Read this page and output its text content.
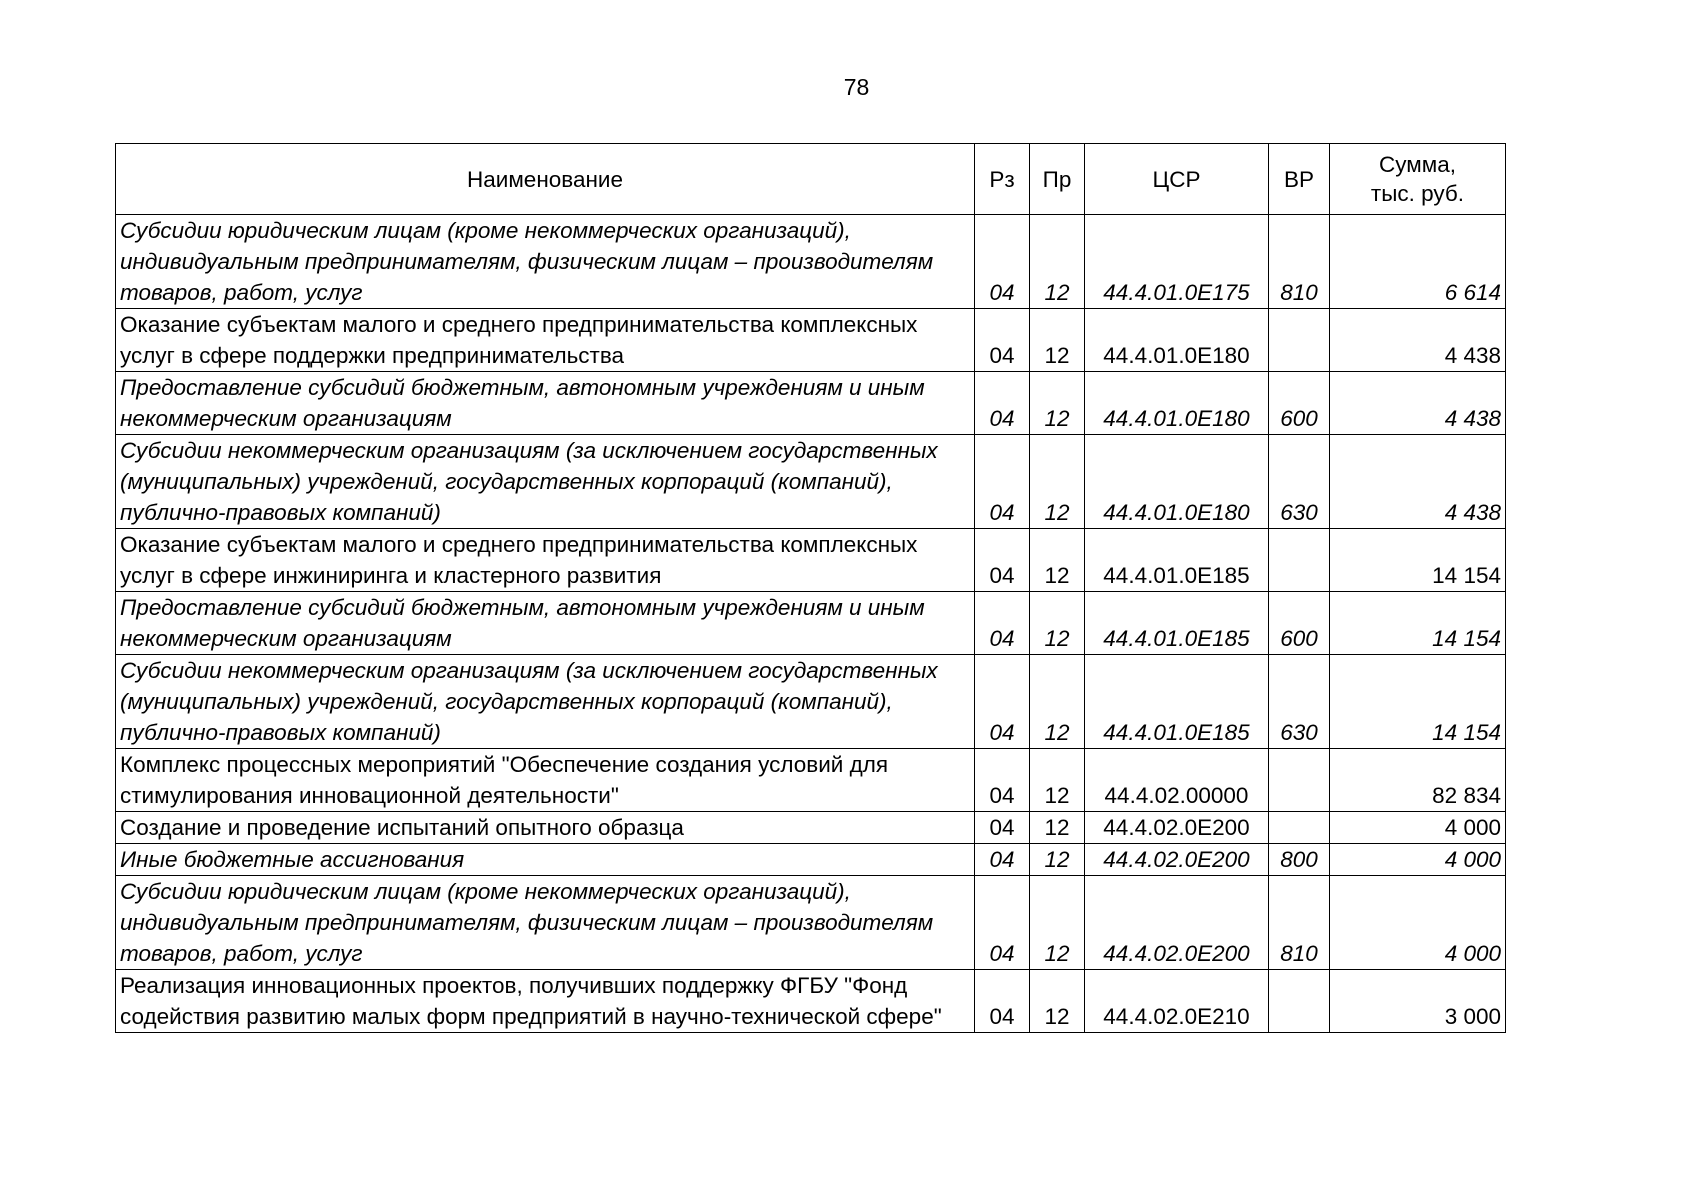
78
Наименование	Рз	Пр	ЦСР	ВР	Сумма,
тыс. руб.

Субсидии юридическим лицам (кроме некоммерческих организаций), индивидуальным предпринимателям, физическим лицам – производителям товаров, работ, услуг	04	12	44.4.01.0Е175	810	6 614
Оказание субъектам малого и среднего предпринимательства комплексных услуг в сфере поддержки предпринимательства	04	12	44.4.01.0Е180		4 438
Предоставление субсидий бюджетным, автономным учреждениям и иным некоммерческим организациям	04	12	44.4.01.0Е180	600	4 438
Субсидии некоммерческим организациям (за исключением государственных (муниципальных) учреждений, государственных корпораций (компаний), публично-правовых компаний)	04	12	44.4.01.0Е180	630	4 438
Оказание субъектам малого и среднего предпринимательства комплексных услуг в сфере инжиниринга и кластерного развития	04	12	44.4.01.0Е185		14 154
Предоставление субсидий бюджетным, автономным учреждениям и иным некоммерческим организациям	04	12	44.4.01.0Е185	600	14 154
Субсидии некоммерческим организациям (за исключением государственных (муниципальных) учреждений, государственных корпораций (компаний), публично-правовых компаний)	04	12	44.4.01.0Е185	630	14 154
Комплекс процессных мероприятий "Обеспечение создания условий для стимулирования инновационной деятельности"	04	12	44.4.02.00000		82 834
Создание и проведение испытаний опытного образца	04	12	44.4.02.0Е200		4 000
Иные бюджетные ассигнования	04	12	44.4.02.0Е200	800	4 000
Субсидии юридическим лицам (кроме некоммерческих организаций), индивидуальным предпринимателям, физическим лицам – производителям товаров, работ, услуг	04	12	44.4.02.0Е200	810	4 000
Реализация инновационных проектов, получивших поддержку ФГБУ "Фонд содействия развитию малых форм предприятий в научно-технической сфере"	04	12	44.4.02.0Е210		3 000
